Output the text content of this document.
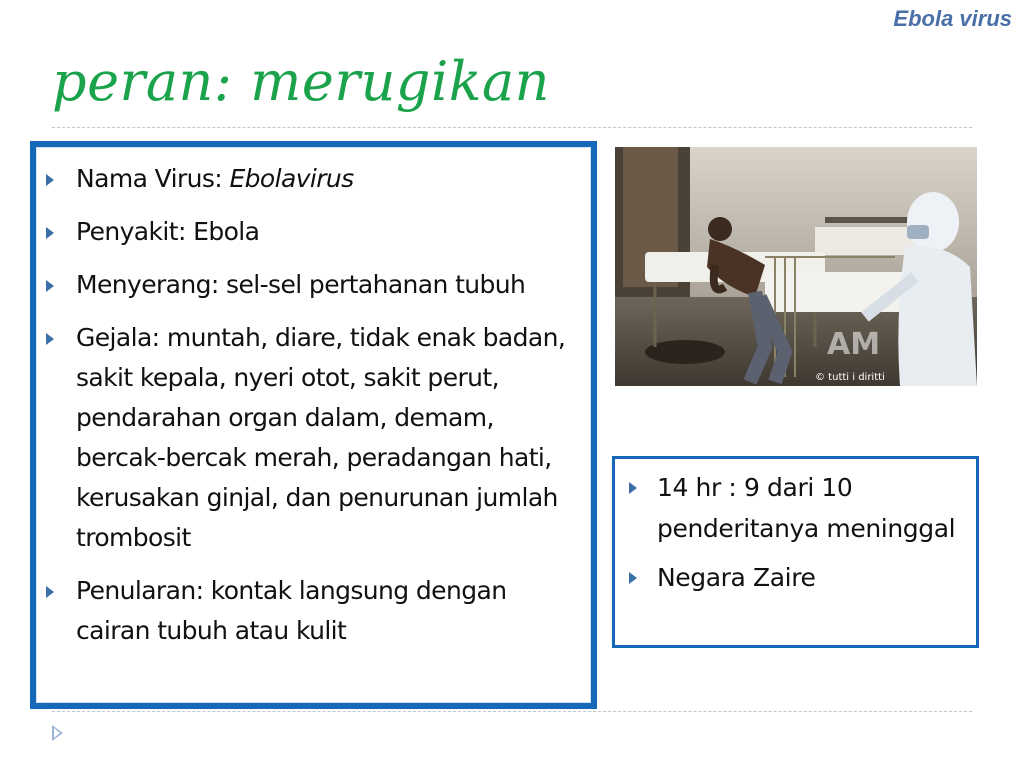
Ebola virus
peran: merugikan
Nama Virus: Ebolavirus
Penyakit: Ebola
Menyerang: sel-sel pertahanan tubuh
Gejala: muntah, diare, tidak enak badan, sakit kepala, nyeri otot, sakit perut, pendarahan organ dalam, demam, bercak-bercak merah, peradangan hati, kerusakan ginjal, dan penurunan jumlah trombosit
Penularan: kontak langsung dengan cairan tubuh atau kulit
AM
© tutti i diritti
14 hr : 9 dari 10 penderitanya meninggal
Negara Zaire
